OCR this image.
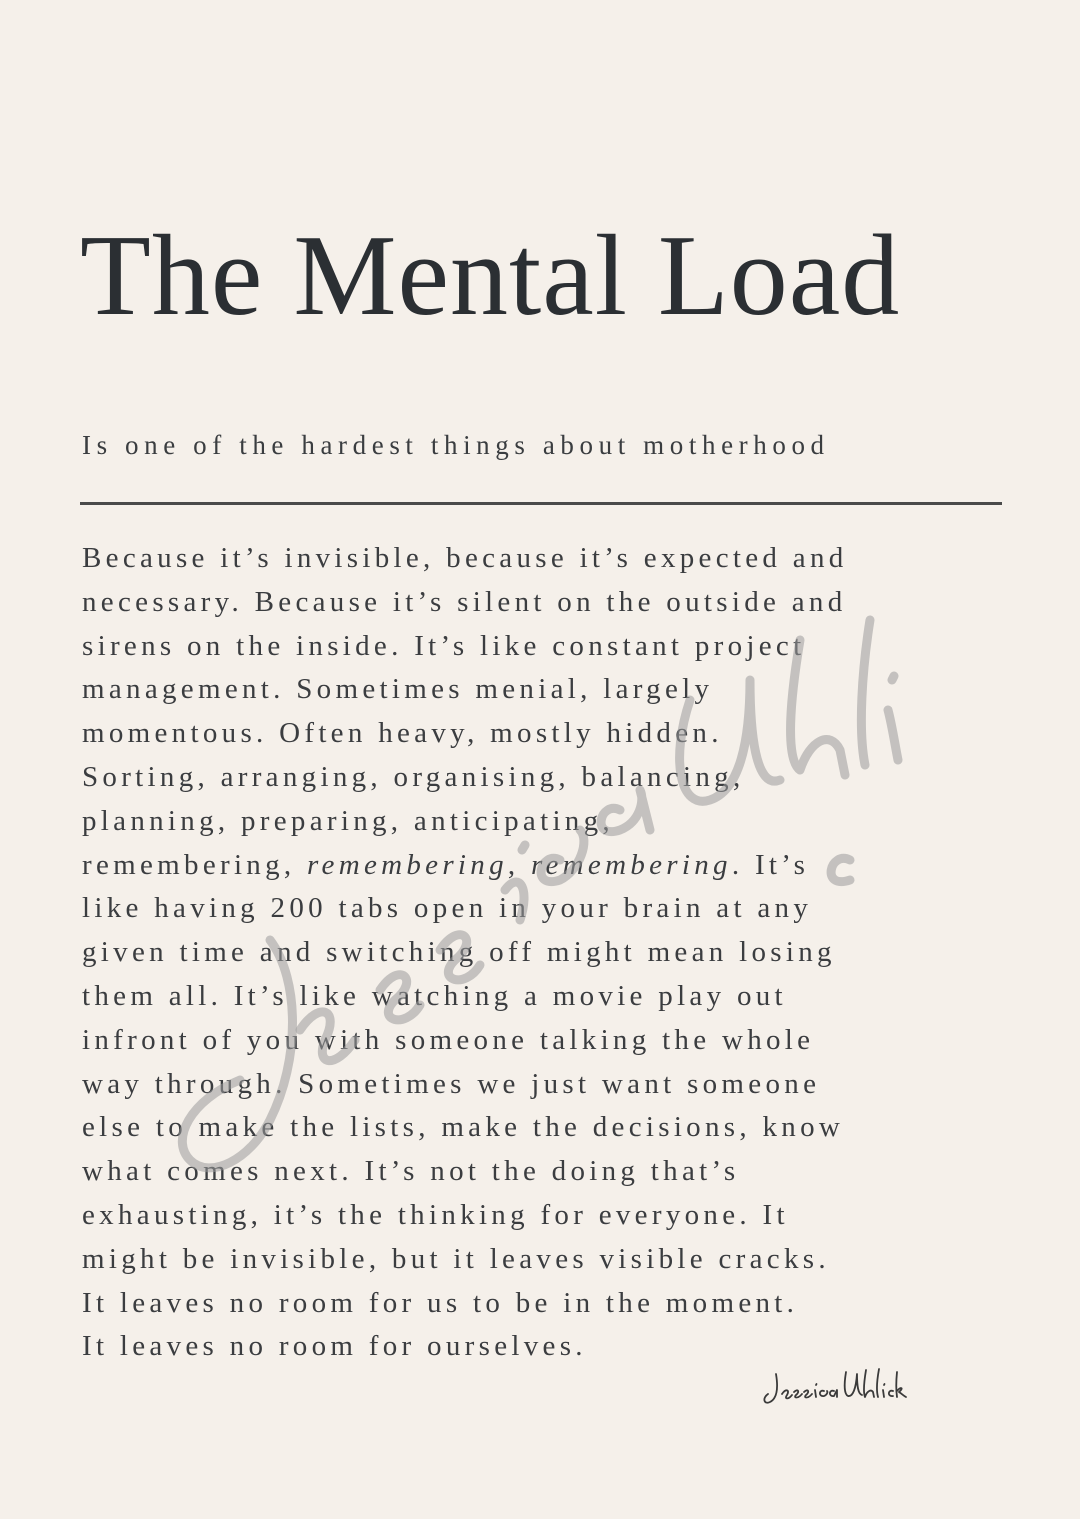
The Mental Load

Is one of the hardest things about motherhood

Because it’s invisible, because it’s expected and
necessary. Because it’s silent on the outside and
sirens on the inside. It’s like constant project
management. Sometimes menial, largely
momentous. Often heavy, mostly hidden.
Sorting, arranging, organising, balancing,
planning, preparing, anticipating,
remembering, remembering, remembering. It’s
like having 200 tabs open in your brain at any
given time and switching off might mean losing
them all. It’s like watching a movie play out
infront of you with someone talking the whole
way through. Sometimes we just want someone
else to make the lists, make the decisions, know
what comes next. It’s not the doing that’s
exhausting, it’s the thinking for everyone. It
might be invisible, but it leaves visible cracks.
It leaves no room for us to be in the moment.
It leaves no room for ourselves.
